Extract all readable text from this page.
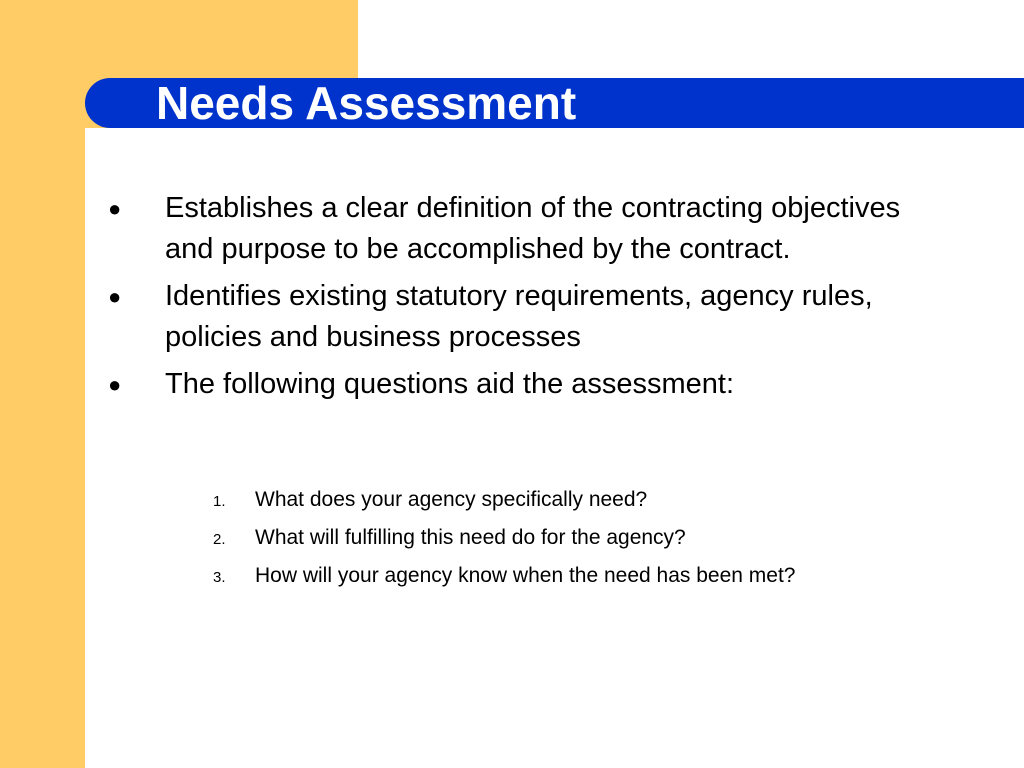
Needs Assessment
● Establishes a clear definition of the contracting objectives and purpose to be accomplished by the contract.
● Identifies existing statutory requirements, agency rules, policies and business processes
● The following questions aid the assessment:
1. What does your agency specifically need?
2. What will fulfilling this need do for the agency?
3. How will your agency know when the need has been met?
